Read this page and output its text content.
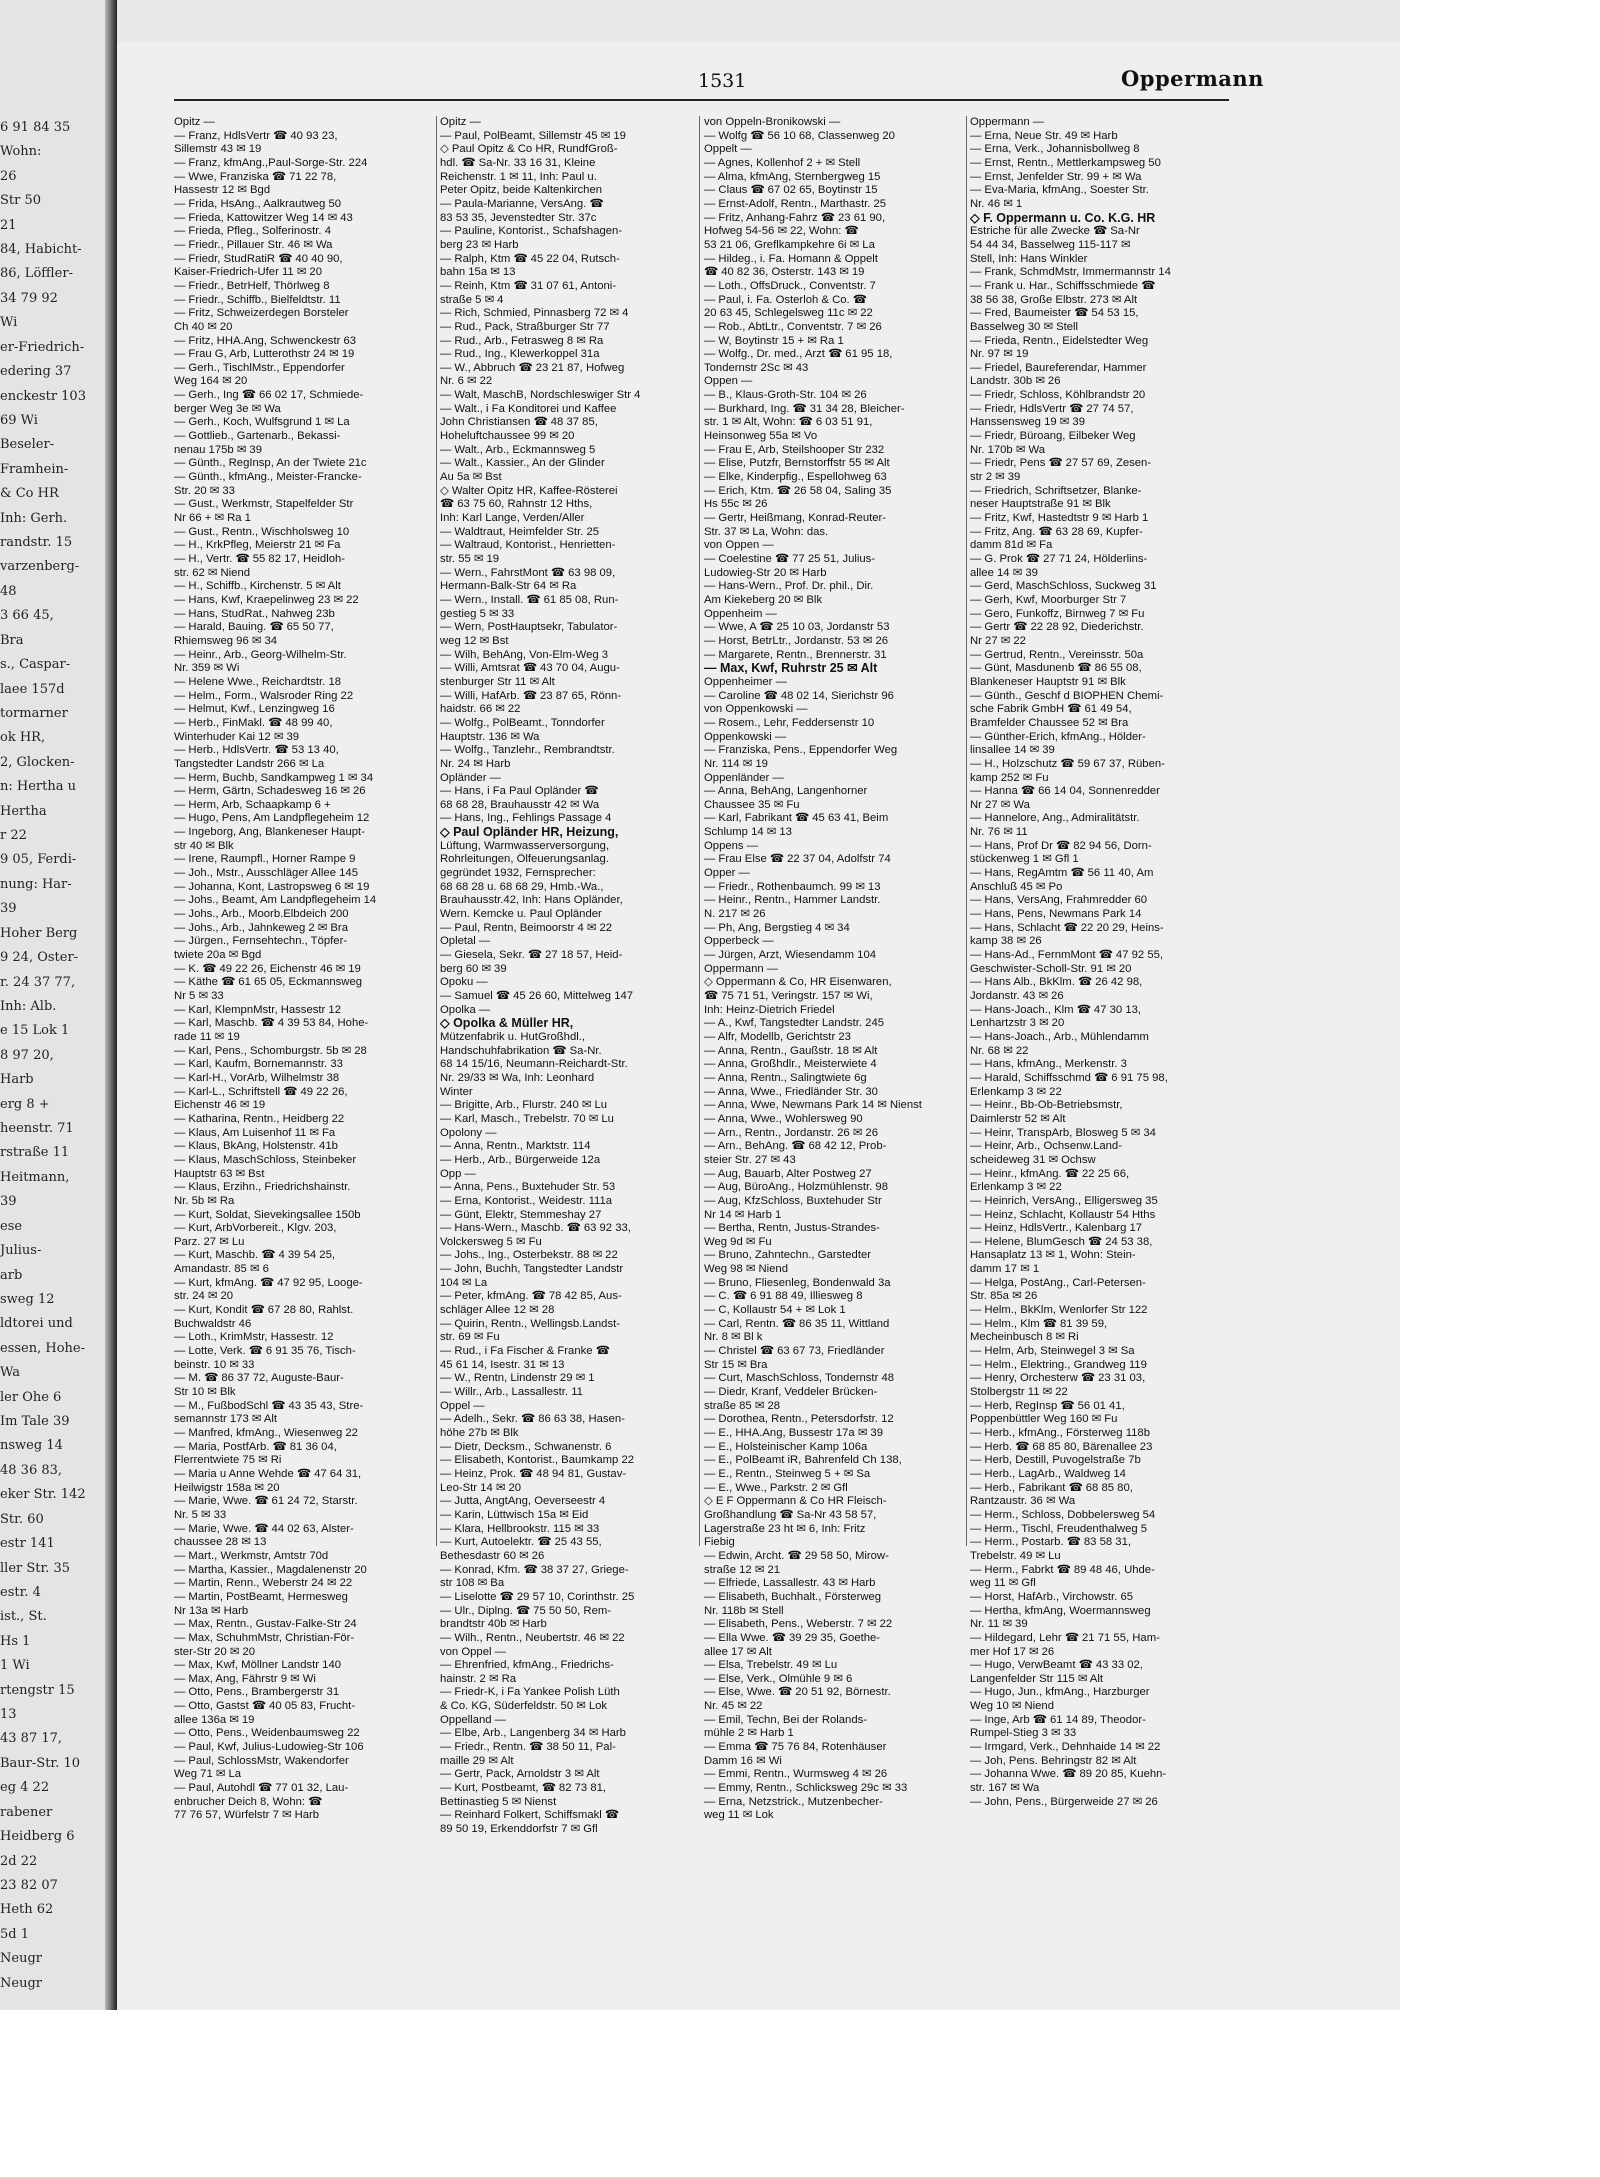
6 91 84 35
Wohn:
26
Str 50
21
84, Habicht-
86, Löffler-
34 79 92
Wi
er-Friedrich-
edering 37
enckestr 103
69 Wi
Beseler-
Framhein-
& Co HR
Inh: Gerh.
randstr. 15
varzenberg-
48
3 66 45,
Bra
s., Caspar-
laee 157d
tormarner
ok HR,
2, Glocken-
n: Hertha u
Hertha
r 22
9 05, Ferdi-
nung: Har-
39
Hoher Berg
9 24, Oster-
r. 24 37 77,
Inh: Alb.
e 15 Lok 1
8 97 20,
Harb
erg 8 +
heenstr. 71
rstraße 11
Heitmann,
39
ese
Julius-
arb
sweg 12
ldtorei und
essen, Hohe-
Wa
ler Ohe 6
Im Tale 39
nsweg 14
48 36 83,
eker Str. 142
Str. 60
estr 141
ller Str. 35
estr. 4
ist., St.
Hs 1
1 Wi
rtengstr 15
13
43 87 17,
Baur-Str. 10
eg 4 22
rabener
Heidberg 6
2d 22
23 82 07
Heth 62
5d 1
Neugr
Neugr
1531	Oppermann
Opitz —
— Franz, HdlsVertr ☎ 40 93 23,
Sillemstr 43 ✉ 19
— Franz, kfmAng.,Paul-Sorge-Str. 224
— Wwe, Franziska ☎ 71 22 78,
Hassestr 12 ✉ Bgd
— Frida, HsAng., Aalkrautweg 50
— Frieda, Kattowitzer Weg 14 ✉ 43
— Frieda, Pfleg., Solferinostr. 4
— Friedr., Pillauer Str. 46 ✉ Wa
— Friedr, StudRatiR ☎ 40 40 90,
Kaiser-Friedrich-Ufer 11 ✉ 20
— Friedr., BetrHelf, Thörlweg 8
— Friedr., Schiffb., Bielfeldtstr. 11
— Fritz, Schweizerdegen Borsteler
Ch 40 ✉ 20
— Fritz, HHA.Ang, Schwenckestr 63
— Frau G, Arb, Lutterothstr 24 ✉ 19
— Gerh., TischlMstr., Eppendorfer
Weg 164 ✉ 20
— Gerh., Ing ☎ 66 02 17, Schmiede-
berger Weg 3e ✉ Wa
— Gerh., Koch, Wulfsgrund 1 ✉ La
— Gottlieb., Gartenarb., Bekassi-
nenau 175b ✉ 39
— Günth., RegInsp, An der Twiete 21c
— Günth., kfmAng., Meister-Francke-
Str. 20 ✉ 33
— Gust., Werkmstr, Stapelfelder Str
Nr 66 + ✉ Ra 1
— Gust., Rentn., Wischholsweg 10
— H., KrkPfleg, Meierstr 21 ✉ Fa
— H., Vertr. ☎ 55 82 17, Heidloh-
str. 62 ✉ Niend
— H., Schiffb., Kirchenstr. 5 ✉ Alt
— Hans, Kwf, Kraepelinweg 23 ✉ 22
— Hans, StudRat., Nahweg 23b
— Harald, Bauing. ☎ 65 50 77,
Rhiemsweg 96 ✉ 34
— Heinr., Arb., Georg-Wilhelm-Str.
Nr. 359 ✉ Wi
— Helene Wwe., Reichardtstr. 18
— Helm., Form., Walsroder Ring 22
— Helmut, Kwf., Lenzingweg 16
— Herb., FinMakl. ☎ 48 99 40,
Winterhuder Kai 12 ✉ 39
— Herb., HdlsVertr. ☎ 53 13 40,
Tangstedter Landstr 266 ✉ La
— Herm, Buchb, Sandkampweg 1 ✉ 34
— Herm, Gärtn, Schadesweg 16 ✉ 26
— Herm, Arb, Schaapkamp 6 +
— Hugo, Pens, Am Landpflegeheim 12
— Ingeborg, Ang, Blankeneser Haupt-
str 40 ✉ Blk
— Irene, Raumpfl., Horner Rampe 9
— Joh., Mstr., Ausschläger Allee 145
— Johanna, Kont, Lastropsweg 6 ✉ 19
— Johs., Beamt, Am Landpflegeheim 14
— Johs., Arb., Moorb.Elbdeich 200
— Johs., Arb., Jahnkeweg 2 ✉ Bra
— Jürgen., Fernsehtechn., Töpfer-
twiete 20a ✉ Bgd
— K. ☎ 49 22 26, Eichenstr 46 ✉ 19
— Käthe ☎ 61 65 05, Eckmannsweg
Nr 5 ✉ 33
— Karl, KlempnMstr, Hassestr 12
— Karl, Maschb. ☎ 4 39 53 84, Hohe-
rade 11 ✉ 19
— Karl, Pens., Schomburgstr. 5b ✉ 28
— Karl, Kaufm, Bornemannstr. 33
— Karl-H., VorArb, Wilhelmstr 38
— Karl-L., Schriftstell ☎ 49 22 26,
Eichenstr 46 ✉ 19
— Katharina, Rentn., Heidberg 22
— Klaus, Am Luisenhof 11 ✉ Fa
— Klaus, BkAng, Holstenstr. 41b
— Klaus, MaschSchloss, Steinbeker
Hauptstr 63 ✉ Bst
— Klaus, Erzihn., Friedrichshainstr.
Nr. 5b ✉ Ra
— Kurt, Soldat, Sievekingsallee 150b
— Kurt, ArbVorbereit., Klgv. 203,
Parz. 27 ✉ Lu
— Kurt, Maschb. ☎ 4 39 54 25,
Amandastr. 85 ✉ 6
— Kurt, kfmAng. ☎ 47 92 95, Looge-
str. 24 ✉ 20
— Kurt, Kondit ☎ 67 28 80, Rahlst.
Buchwaldstr 46
— Loth., KrimMstr, Hassestr. 12
— Lotte, Verk. ☎ 6 91 35 76, Tisch-
beinstr. 10 ✉ 33
— M. ☎ 86 37 72, Auguste-Baur-
Str 10 ✉ Blk
— M., FußbodSchl ☎ 43 35 43, Stre-
semannstr 173 ✉ Alt
— Manfred, kfmAng., Wiesenweg 22
— Maria, PostfArb. ☎ 81 36 04,
Flerrentwiete 75 ✉ Ri
— Maria u Anne Wehde ☎ 47 64 31,
Heilwigstr 158a ✉ 20
— Marie, Wwe. ☎ 61 24 72, Starstr.
Nr. 5 ✉ 33
— Marie, Wwe. ☎ 44 02 63, Alster-
chaussee 28 ✉ 13
— Mart., Werkmstr, Amtstr 70d
— Martha, Kassier., Magdalenenstr 20
— Martin, Renn., Weberstr 24 ✉ 22
— Martin, PostBeamt, Hermesweg
Nr 13a ✉ Harb
— Max, Rentn., Gustav-Falke-Str 24
— Max, SchuhmMstr, Christian-För-
ster-Str 20 ✉ 20
— Max, Kwf, Möllner Landstr 140
— Max, Ang, Fährstr 9 ✉ Wi
— Otto, Pens., Brambergerstr 31
— Otto, Gastst ☎ 40 05 83, Frucht-
allee 136a ✉ 19
— Otto, Pens., Weidenbaumsweg 22
— Paul, Kwf, Julius-Ludowieg-Str 106
— Paul, SchlossMstr, Wakendorfer
Weg 71 ✉ La
— Paul, Autohdl ☎ 77 01 32, Lau-
enbrucher Deich 8, Wohn: ☎
77 76 57, Würfelstr 7 ✉ Harb
Opitz —
— Paul, PolBeamt, Sillemstr 45 ✉ 19
◇ Paul Opitz & Co HR, RundfGroß-
hdl. ☎ Sa-Nr. 33 16 31, Kleine
Reichenstr. 1 ✉ 11, Inh: Paul u.
Peter Opitz, beide Kaltenkirchen
— Paula-Marianne, VersAng. ☎
83 53 35, Jevenstedter Str. 37c
— Pauline, Kontorist., Schafshagen-
berg 23 ✉ Harb
— Ralph, Ktm ☎ 45 22 04, Rutsch-
bahn 15a ✉ 13
— Reinh, Ktm ☎ 31 07 61, Antoni-
straße 5 ✉ 4
— Rich, Schmied, Pinnasberg 72 ✉ 4
— Rud., Pack, Straßburger Str 77
— Rud., Arb., Fetrasweg 8 ✉ Ra
— Rud., Ing., Klewerkoppel 31a
— W., Abbruch ☎ 23 21 87, Hofweg
Nr. 6 ✉ 22
— Walt, MaschB, Nordschleswiger Str 4
— Walt., i Fa Konditorei und Kaffee
John Christiansen ☎ 48 37 85,
Hoheluftchaussee 99 ✉ 20
— Walt., Arb., Eckmannsweg 5
— Walt., Kassier., An der Glinder
Au 5a ✉ Bst
◇ Walter Opitz HR, Kaffee-Rösterei
☎ 63 75 60, Rahnstr 12 Hths,
Inh: Karl Lange, Verden/Aller
— Waldtraut, Heimfelder Str. 25
— Waltraud, Kontorist., Henrietten-
str. 55 ✉ 19
— Wern., FahrstMont ☎ 63 98 09,
Hermann-Balk-Str 64 ✉ Ra
— Wern., Install. ☎ 61 85 08, Run-
gestieg 5 ✉ 33
— Wern, PostHauptsekr, Tabulator-
weg 12 ✉ Bst
— Wilh, BehAng, Von-Elm-Weg 3
— Willi, Amtsrat ☎ 43 70 04, Augu-
stenburger Str 11 ✉ Alt
— Willi, HafArb. ☎ 23 87 65, Rönn-
haidstr. 66 ✉ 22
— Wolfg., PolBeamt., Tonndorfer
Hauptstr. 136 ✉ Wa
— Wolfg., Tanzlehr., Rembrandtstr.
Nr. 24 ✉ Harb
Opländer —
— Hans, i Fa Paul Opländer ☎
68 68 28, Brauhausstr 42 ✉ Wa
— Hans, Ing., Fehlings Passage 4
◇ Paul Opländer HR, Heizung,
Lüftung, Warmwasserversorgung,
Rohrleitungen, Ölfeuerungsanlag.
gegründet 1932, Fernsprecher:
68 68 28 u. 68 68 29, Hmb.-Wa.,
Brauhausstr.42, Inh: Hans Opländer,
Wern. Kemcke u. Paul Opländer
— Paul, Rentn, Beimoorstr 4 ✉ 22
Opletal —
— Giesela, Sekr. ☎ 27 18 57, Heid-
berg 60 ✉ 39
Opoku —
— Samuel ☎ 45 26 60, Mittelweg 147
Opolka —
◇ Opolka & Müller HR,
Mützenfabrik u. HutGroßhdl.,
Handschuhfabrikation ☎ Sa-Nr.
68 14 15/16, Neumann-Reichardt-Str.
Nr. 29/33 ✉ Wa, Inh: Leonhard
Winter
— Brigitte, Arb., Flurstr. 240 ✉ Lu
— Karl, Masch., Trebelstr. 70 ✉ Lu
Opolony —
— Anna, Rentn., Marktstr. 114
— Herb., Arb., Bürgerweide 12a
Opp —
— Anna, Pens., Buxtehuder Str. 53
— Erna, Kontorist., Weidestr. 111a
— Günt, Elektr, Stemmeshay 27
— Hans-Wern., Maschb. ☎ 63 92 33,
Volckersweg 5 ✉ Fu
— Johs., Ing., Osterbekstr. 88 ✉ 22
— John, Buchh, Tangstedter Landstr
104 ✉ La
— Peter, kfmAng. ☎ 78 42 85, Aus-
schläger Allee 12 ✉ 28
— Quirin, Rentn., Wellingsb.Landst-
str. 69 ✉ Fu
— Rud., i Fa Fischer & Franke ☎
45 61 14, Isestr. 31 ✉ 13
— W., Rentn, Lindenstr 29 ✉ 1
— Willr., Arb., Lassallestr. 11
Oppel —
— Adelh., Sekr. ☎ 86 63 38, Hasen-
höhe 27b ✉ Blk
— Dietr, Decksm., Schwanenstr. 6
— Elisabeth, Kontorist., Baumkamp 22
— Heinz, Prok. ☎ 48 94 81, Gustav-
Leo-Str 14 ✉ 20
— Jutta, AngtAng, Oeverseestr 4
— Karin, Lüttwisch 15a ✉ Eid
— Klara, Hellbrookstr. 115 ✉ 33
— Kurt, Autoelektr. ☎ 25 43 55,
Bethesdastr 60 ✉ 26
— Konrad, Kfm. ☎ 38 37 27, Griege-
str 108 ✉ Ba
— Liselotte ☎ 29 57 10, Corinthstr. 25
— Ulr., Diplng. ☎ 75 50 50, Rem-
brandtstr 40b ✉ Harb
— Wilh., Rentn., Neubertstr. 46 ✉ 22
von Oppel —
— Ehrenfried, kfmAng., Friedrichs-
hainstr. 2 ✉ Ra
— Friedr-K, i Fa Yankee Polish Lüth
& Co. KG, Süderfeldstr. 50 ✉ Lok
Oppelland —
— Elbe, Arb., Langenberg 34 ✉ Harb
— Friedr., Rentn. ☎ 38 50 11, Pal-
maille 29 ✉ Alt
— Gertr, Pack, Arnoldstr 3 ✉ Alt
— Kurt, Postbeamt, ☎ 82 73 81,
Bettinastieg 5 ✉ Nienst
— Reinhard Folkert, Schiffsmakl ☎
89 50 19, Erkenddorfstr 7 ✉ Gfl
von Oppeln-Bronikowski —
— Wolfg ☎ 56 10 68, Classenweg 20
Oppelt —
— Agnes, Kollenhof 2 + ✉ Stell
— Alma, kfmAng, Sternbergweg 15
— Claus ☎ 67 02 65, Boytinstr 15
— Ernst-Adolf, Rentn., Marthastr. 25
— Fritz, Anhang-Fahrz ☎ 23 61 90,
Hofweg 54-56 ✉ 22, Wohn: ☎
53 21 06, Greflkampkehre 6i ✉ La
— Hildeg., i. Fa. Homann & Oppelt
☎ 40 82 36, Osterstr. 143 ✉ 19
— Loth., OffsDruck., Conventstr. 7
— Paul, i. Fa. Osterloh & Co. ☎
20 63 45, Schlegelsweg 11c ✉ 22
— Rob., AbtLtr., Conventstr. 7 ✉ 26
— W, Boytinstr 15 + ✉ Ra 1
— Wolfg., Dr. med., Arzt ☎ 61 95 18,
Tondernstr 2Sc ✉ 43
Oppen —
— B., Klaus-Groth-Str. 104 ✉ 26
— Burkhard, Ing. ☎ 31 34 28, Bleicher-
str. 1 ✉ Alt, Wohn: ☎ 6 03 51 91,
Heinsonweg 55a ✉ Vo
— Frau E, Arb, Steilshooper Str 232
— Elise, Putzfr, Bernstorffstr 55 ✉ Alt
— Elke, Kinderpfig., Espellohweg 63
— Erich, Ktm. ☎ 26 58 04, Saling 35
Hs 55c ✉ 26
— Gertr, Heißmang, Konrad-Reuter-
Str. 37 ✉ La, Wohn: das.
von Oppen —
— Coelestine ☎ 77 25 51, Julius-
Ludowieg-Str 20 ✉ Harb
— Hans-Wern., Prof. Dr. phil., Dir.
Am Kiekeberg 20 ✉ Blk
Oppenheim —
— Wwe, A ☎ 25 10 03, Jordanstr 53
— Horst, BetrLtr., Jordanstr. 53 ✉ 26
— Margarete, Rentn., Brennerstr. 31
— Max, Kwf, Ruhrstr 25 ✉ Alt
Oppenheimer —
— Caroline ☎ 48 02 14, Sierichstr 96
von Oppenkowski —
— Rosem., Lehr, Feddersenstr 10
Oppenkowski —
— Franziska, Pens., Eppendorfer Weg
Nr. 114 ✉ 19
Oppenländer —
— Anna, BehAng, Langenhorner
Chaussee 35 ✉ Fu
— Karl, Fabrikant ☎ 45 63 41, Beim
Schlump 14 ✉ 13
Oppens —
— Frau Else ☎ 22 37 04, Adolfstr 74
Opper —
— Friedr., Rothenbaumch. 99 ✉ 13
— Heinr., Rentn., Hammer Landstr.
N. 217 ✉ 26
— Ph, Ang, Bergstieg 4 ✉ 34
Opperbeck —
— Jürgen, Arzt, Wiesendamm 104
Oppermann —
◇ Oppermann & Co, HR Eisenwaren,
☎ 75 71 51, Veringstr. 157 ✉ Wi,
Inh: Heinz-Dietrich Friedel
— A., Kwf, Tangstedter Landstr. 245
— Alfr, Modellb, Gerichtstr 23
— Anna, Rentn., Gaußstr. 18 ✉ Alt
— Anna, Großhdlr., Meisterwiete 4
— Anna, Rentn., Salingtwiete 6g
— Anna, Wwe., Friedländer Str. 30
— Anna, Wwe, Newmans Park 14 ✉ Nienst
— Anna, Wwe., Wohlersweg 90
— Arn., Rentn., Jordanstr. 26 ✉ 26
— Arn., BehAng. ☎ 68 42 12, Prob-
steier Str. 27 ✉ 43
— Aug, Bauarb, Alter Postweg 27
— Aug, BüroAng., Holzmühlenstr. 98
— Aug, KfzSchloss, Buxtehuder Str
Nr 14 ✉ Harb 1
— Bertha, Rentn, Justus-Strandes-
Weg 9d ✉ Fu
— Bruno, Zahntechn., Garstedter
Weg 98 ✉ Niend
— Bruno, Fliesenleg, Bondenwald 3a
— C. ☎ 6 91 88 49, Illiesweg 8
— C, Kollaustr 54 + ✉ Lok 1
— Carl, Rentn. ☎ 86 35 11, Wittland
Nr. 8 ✉ Bl k
— Christel ☎ 63 67 73, Friedländer
Str 15 ✉ Bra
— Curt, MaschSchloss, Tondernstr 48
— Diedr, Kranf, Veddeler Brücken-
straße 85 ✉ 28
— Dorothea, Rentn., Petersdorfstr. 12
— E., HHA.Ang, Bussestr 17a ✉ 39
— E., Holsteinischer Kamp 106a
— E., PolBeamt iR, Bahrenfeld Ch 138,
— E., Rentn., Steinweg 5 + ✉ Sa
— E., Wwe., Parkstr. 2 ✉ Gfl
◇ E F Oppermann & Co HR Fleisch-
Großhandlung ☎ Sa-Nr 43 58 57,
Lagerstraße 23 ht ✉ 6, Inh: Fritz
Fiebig
— Edwin, Archt. ☎ 29 58 50, Mirow-
straße 12 ✉ 21
— Elfriede, Lassallestr. 43 ✉ Harb
— Elisabeth, Buchhalt., Försterweg
Nr. 118b ✉ Stell
— Elisabeth, Pens., Weberstr. 7 ✉ 22
— Ella Wwe. ☎ 39 29 35, Goethe-
allee 17 ✉ Alt
— Elsa, Trebelstr. 49 ✉ Lu
— Else, Verk., Olmühle 9 ✉ 6
— Else, Wwe. ☎ 20 51 92, Börnestr.
Nr. 45 ✉ 22
— Emil, Techn, Bei der Rolands-
mühle 2 ✉ Harb 1
— Emma ☎ 75 76 84, Rotenhäuser
Damm 16 ✉ Wi
— Emmi, Rentn., Wurmsweg 4 ✉ 26
— Emmy, Rentn., Schlicksweg 29c ✉ 33
— Erna, Netzstrick., Mutzenbecher-
weg 11 ✉ Lok
Oppermann —
— Erna, Neue Str. 49 ✉ Harb
— Erna, Verk., Johannisbollweg 8
— Ernst, Rentn., Mettlerkampsweg 50
— Ernst, Jenfelder Str. 99 + ✉ Wa
— Eva-Maria, kfmAng., Soester Str.
Nr. 46 ✉ 1
◇ F. Oppermann u. Co. K.G. HR
Estriche für alle Zwecke ☎ Sa-Nr
54 44 34, Basselweg 115-117 ✉
Stell, Inh: Hans Winkler
— Frank, SchmdMstr, Immermannstr 14
— Frank u. Har., Schiffsschmiede ☎
38 56 38, Große Elbstr. 273 ✉ Alt
— Fred, Baumeister ☎ 54 53 15,
Basselweg 30 ✉ Stell
— Frieda, Rentn., Eidelstedter Weg
Nr. 97 ✉ 19
— Friedel, Baureferendar, Hammer
Landstr. 30b ✉ 26
— Friedr, Schloss, Köhlbrandstr 20
— Friedr, HdlsVertr ☎ 27 74 57,
Hanssensweg 19 ✉ 39
— Friedr, Büroang, Eilbeker Weg
Nr. 170b ✉ Wa
— Friedr, Pens ☎ 27 57 69, Zesen-
str 2 ✉ 39
— Friedrich, Schriftsetzer, Blanke-
neser Hauptstraße 91 ✉ Blk
— Fritz, Kwf, Hastedtstr 9 ✉ Harb 1
— Fritz, Ang. ☎ 63 28 69, Kupfer-
damm 81d ✉ Fa
— G. Prok ☎ 27 71 24, Hölderlins-
allee 14 ✉ 39
— Gerd, MaschSchloss, Suckweg 31
— Gerh, Kwf, Moorburger Str 7
— Gero, Funkoffz, Birnweg 7 ✉ Fu
— Gertr ☎ 22 28 92, Diederichstr.
Nr 27 ✉ 22
— Gertrud, Rentn., Vereinsstr. 50a
— Günt, Masdunenb ☎ 86 55 08,
Blankeneser Hauptstr 91 ✉ Blk
— Günth., Geschf d BIOPHEN Chemi-
sche Fabrik GmbH ☎ 61 49 54,
Bramfelder Chaussee 52 ✉ Bra
— Günther-Erich, kfmAng., Hölder-
linsallee 14 ✉ 39
— H., Holzschutz ☎ 59 67 37, Rüben-
kamp 252 ✉ Fu
— Hanna ☎ 66 14 04, Sonnenredder
Nr 27 ✉ Wa
— Hannelore, Ang., Admiralitätstr.
Nr. 76 ✉ 11
— Hans, Prof Dr ☎ 82 94 56, Dorn-
stückenweg 1 ✉ Gfl 1
— Hans, RegAmtm ☎ 56 11 40, Am
Anschluß 45 ✉ Po
— Hans, VersAng, Frahmredder 60
— Hans, Pens, Newmans Park 14
— Hans, Schlacht ☎ 22 20 29, Heins-
kamp 38 ✉ 26
— Hans-Ad., FernmMont ☎ 47 92 55,
Geschwister-Scholl-Str. 91 ✉ 20
— Hans Alb., BkKlm. ☎ 26 42 98,
Jordanstr. 43 ✉ 26
— Hans-Joach., Klm ☎ 47 30 13,
Lenhartzstr 3 ✉ 20
— Hans-Joach., Arb., Mühlendamm
Nr. 68 ✉ 22
— Hans, kfmAng., Merkenstr. 3
— Harald, Schiffsschmd ☎ 6 91 75 98,
Erlenkamp 3 ✉ 22
— Heinr., Bb-Ob-Betriebsmstr,
Daimlerstr 52 ✉ Alt
— Heinr, TranspArb, Blosweg 5 ✉ 34
— Heinr, Arb., Ochsenw.Land-
scheideweg 31 ✉ Ochsw
— Heinr., kfmAng. ☎ 22 25 66,
Erlenkamp 3 ✉ 22
— Heinrich, VersAng., Elligersweg 35
— Heinz, Schlacht, Kollaustr 54 Hths
— Heinz, HdlsVertr., Kalenbarg 17
— Helene, BlumGesch ☎ 24 53 38,
Hansaplatz 13 ✉ 1, Wohn: Stein-
damm 17 ✉ 1
— Helga, PostAng., Carl-Petersen-
Str. 85a ✉ 26
— Helm., BkKlm, Wenlorfer Str 122
— Helm., Klm ☎ 81 39 59,
Mecheinbusch 8 ✉ Ri
— Helm, Arb, Steinwegel 3 ✉ Sa
— Helm., Elektring., Grandweg 119
— Henry, Orchesterw ☎ 23 31 03,
Stolbergstr 11 ✉ 22
— Herb, RegInsp ☎ 56 01 41,
Poppenbüttler Weg 160 ✉ Fu
— Herb., kfmAng., Försterweg 118b
— Herb. ☎ 68 85 80, Bärenallee 23
— Herb, Destill, Puvogelstraße 7b
— Herb., LagArb., Waldweg 14
— Herb., Fabrikant ☎ 68 85 80,
Rantzaustr. 36 ✉ Wa
— Herm., Schloss, Dobbelersweg 54
— Herm., Tischl, Freudenthalweg 5
— Herm., Postarb. ☎ 83 58 31,
Trebelstr. 49 ✉ Lu
— Herm., Fabrkt ☎ 89 48 46, Uhde-
weg 11 ✉ Gfl
— Horst, HafArb., Virchowstr. 65
— Hertha, kfmAng, Woermannsweg
Nr. 11 ✉ 39
— Hildegard, Lehr ☎ 21 71 55, Ham-
mer Hof 17 ✉ 26
— Hugo, VerwBeamt ☎ 43 33 02,
Langenfelder Str 115 ✉ Alt
— Hugo, Jun., kfmAng., Harzburger
Weg 10 ✉ Niend
— Inge, Arb ☎ 61 14 89, Theodor-
Rumpel-Stieg 3 ✉ 33
— Irmgard, Verk., Dehnhaide 14 ✉ 22
— Joh, Pens. Behringstr 82 ✉ Alt
— Johanna Wwe. ☎ 89 20 85, Kuehn-
str. 167 ✉ Wa
— John, Pens., Bürgerweide 27 ✉ 26
